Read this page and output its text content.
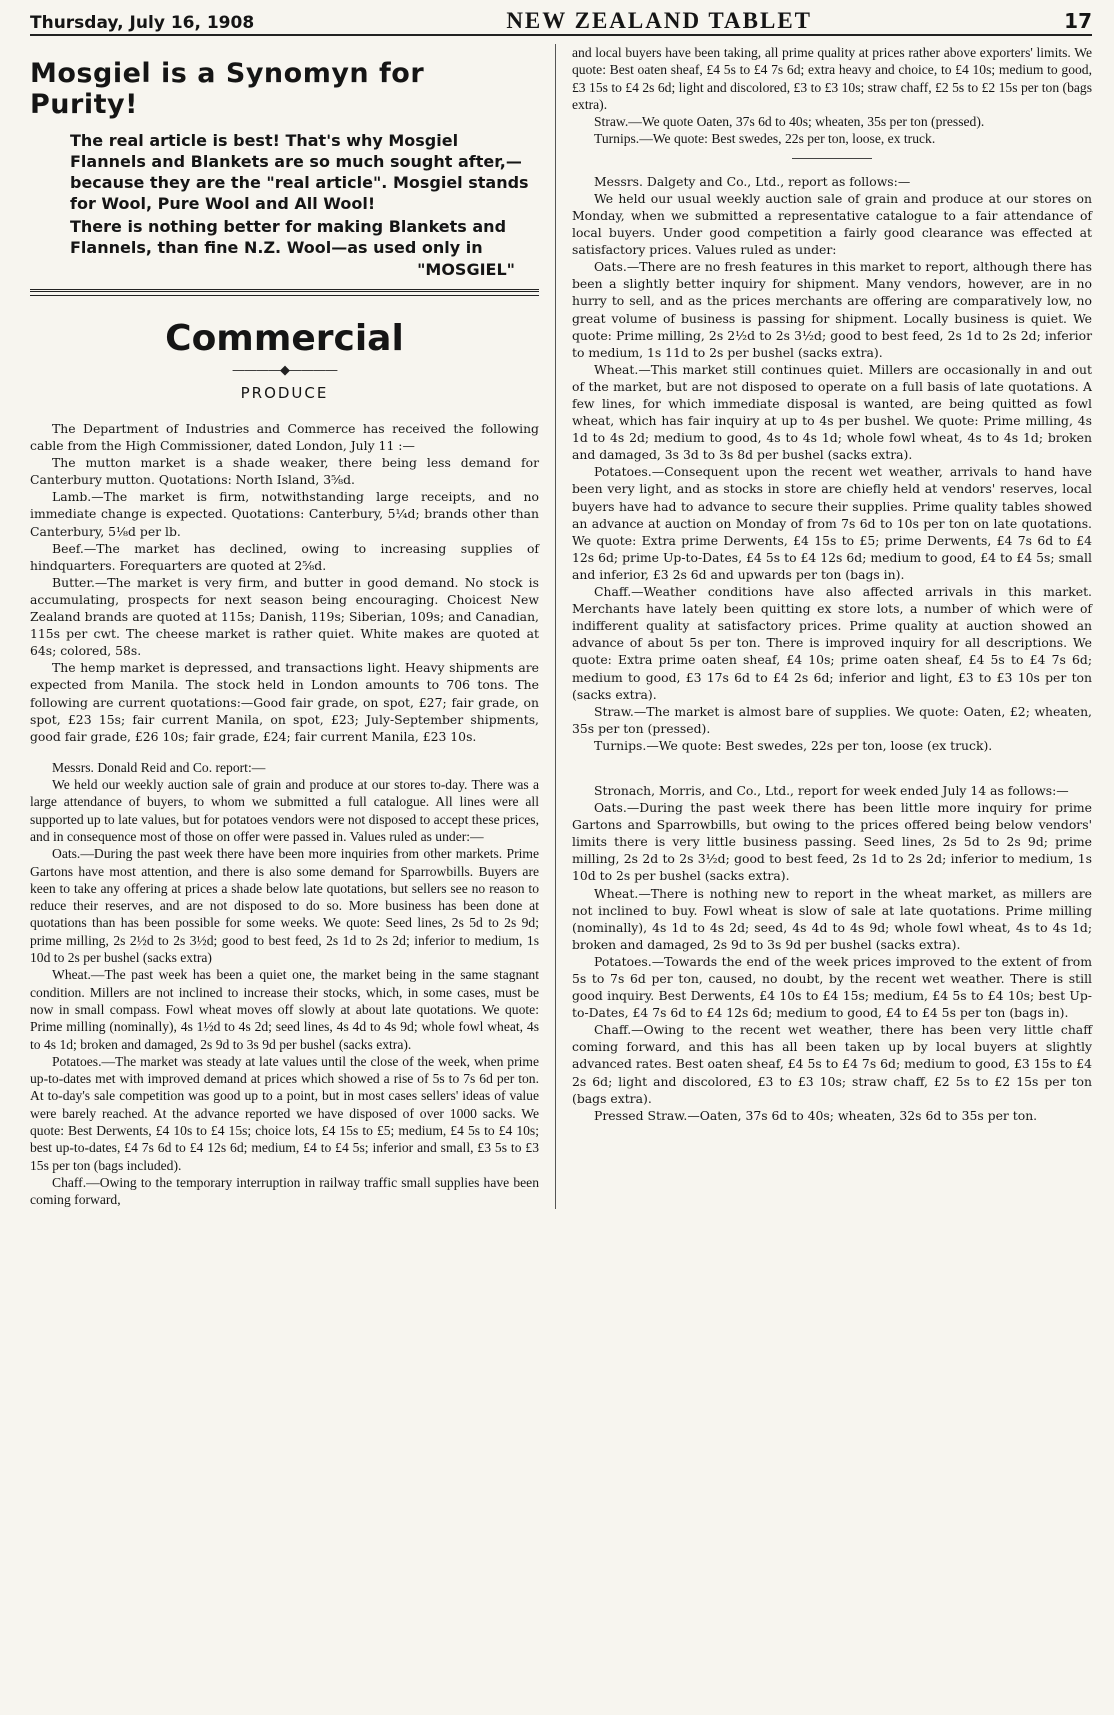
Thursday, July 16, 1908	NEW ZEALAND TABLET	17
Mosgiel is a Synomyn for Purity!
The real article is best! That's why Mosgiel Flannels and Blankets are so much sought after,—because they are the "real article". Mosgiel stands for Wool, Pure Wool and All Wool!
There is nothing better for making Blankets and Flannels, than fine N.Z. Wool—as used only in
"MOSGIEL"
Commercial
————◆————
PRODUCE

The Department of Industries and Commerce has received the following cable from the High Commissioner, dated London, July 11 :—

The mutton market is a shade weaker, there being less demand for Canterbury mutton. Quotations: North Island, 3⅝d.

Lamb.—The market is firm, notwithstanding large receipts, and no immediate change is expected. Quotations: Canterbury, 5¼d; brands other than Canterbury, 5⅛d per lb.

Beef.—The market has declined, owing to increasing supplies of hindquarters. Forequarters are quoted at 2⅝d.

Butter.—The market is very firm, and butter in good demand. No stock is accumulating, prospects for next season being encouraging. Choicest New Zealand brands are quoted at 115s; Danish, 119s; Siberian, 109s; and Canadian, 115s per cwt. The cheese market is rather quiet. White makes are quoted at 64s; colored, 58s.

The hemp market is depressed, and transactions light. Heavy shipments are expected from Manila. The stock held in London amounts to 706 tons. The following are current quotations:—Good fair grade, on spot, £27; fair grade, on spot, £23 15s; fair current Manila, on spot, £23; July-September shipments, good fair grade, £26 10s; fair grade, £24; fair current Manila, £23 10s.

Messrs. Donald Reid and Co. report:—

We held our weekly auction sale of grain and produce at our stores to-day. There was a large attendance of buyers, to whom we submitted a full catalogue. All lines were all supported up to late values, but for potatoes vendors were not disposed to accept these prices, and in consequence most of those on offer were passed in. Values ruled as under:—

Oats.—During the past week there have been more inquiries from other markets. Prime Gartons have most attention, and there is also some demand for Sparrowbills. Buyers are keen to take any offering at prices a shade below late quotations, but sellers see no reason to reduce their reserves, and are not disposed to do so. More business has been done at quotations than has been possible for some weeks. We quote: Seed lines, 2s 5d to 2s 9d; prime milling, 2s 2½d to 2s 3½d; good to best feed, 2s 1d to 2s 2d; inferior to medium, 1s 10d to 2s per bushel (sacks extra)

Wheat.—The past week has been a quiet one, the market being in the same stagnant condition. Millers are not inclined to increase their stocks, which, in some cases, must be now in small compass. Fowl wheat moves off slowly at about late quotations. We quote: Prime milling (nominally), 4s 1½d to 4s 2d; seed lines, 4s 4d to 4s 9d; whole fowl wheat, 4s to 4s 1d; broken and damaged, 2s 9d to 3s 9d per bushel (sacks extra).

Potatoes.—The market was steady at late values until the close of the week, when prime up-to-dates met with improved demand at prices which showed a rise of 5s to 7s 6d per ton. At to-day's sale competition was good up to a point, but in most cases sellers' ideas of value were barely reached. At the advance reported we have disposed of over 1000 sacks. We quote: Best Derwents, £4 10s to £4 15s; choice lots, £4 15s to £5; medium, £4 5s to £4 10s; best up-to-dates, £4 7s 6d to £4 12s 6d; medium, £4 to £4 5s; inferior and small, £3 5s to £3 15s per ton (bags included).

Chaff.—Owing to the temporary interruption in railway traffic small supplies have been coming forward,

and local buyers have been taking, all prime quality at prices rather above exporters' limits. We quote: Best oaten sheaf, £4 5s to £4 7s 6d; extra heavy and choice, to £4 10s; medium to good, £3 15s to £4 2s 6d; light and discolored, £3 to £3 10s; straw chaff, £2 5s to £2 15s per ton (bags extra).

Straw.—We quote Oaten, 37s 6d to 40s; wheaten, 35s per ton (pressed).

Turnips.—We quote: Best swedes, 22s per ton, loose, ex truck.

Messrs. Dalgety and Co., Ltd., report as follows:—

We held our usual weekly auction sale of grain and produce at our stores on Monday, when we submitted a representative catalogue to a fair attendance of local buyers. Under good competition a fairly good clearance was effected at satisfactory prices. Values ruled as under:

Oats.—There are no fresh features in this market to report, although there has been a slightly better inquiry for shipment. Many vendors, however, are in no hurry to sell, and as the prices merchants are offering are comparatively low, no great volume of business is passing for shipment. Locally business is quiet. We quote: Prime milling, 2s 2½d to 2s 3½d; good to best feed, 2s 1d to 2s 2d; inferior to medium, 1s 11d to 2s per bushel (sacks extra).

Wheat.—This market still continues quiet. Millers are occasionally in and out of the market, but are not disposed to operate on a full basis of late quotations. A few lines, for which immediate disposal is wanted, are being quitted as fowl wheat, which has fair inquiry at up to 4s per bushel. We quote: Prime milling, 4s 1d to 4s 2d; medium to good, 4s to 4s 1d; whole fowl wheat, 4s to 4s 1d; broken and damaged, 3s 3d to 3s 8d per bushel (sacks extra).

Potatoes.—Consequent upon the recent wet weather, arrivals to hand have been very light, and as stocks in store are chiefly held at vendors' reserves, local buyers have had to advance to secure their supplies. Prime quality tables showed an advance at auction on Monday of from 7s 6d to 10s per ton on late quotations. We quote: Extra prime Derwents, £4 15s to £5; prime Derwents, £4 7s 6d to £4 12s 6d; prime Up-to-Dates, £4 5s to £4 12s 6d; medium to good, £4 to £4 5s; small and inferior, £3 2s 6d and upwards per ton (bags in).

Chaff.—Weather conditions have also affected arrivals in this market. Merchants have lately been quitting ex store lots, a number of which were of indifferent quality at satisfactory prices. Prime quality at auction showed an advance of about 5s per ton. There is improved inquiry for all descriptions. We quote: Extra prime oaten sheaf, £4 10s; prime oaten sheaf, £4 5s to £4 7s 6d; medium to good, £3 17s 6d to £4 2s 6d; inferior and light, £3 to £3 10s per ton (sacks extra).

Straw.—The market is almost bare of supplies. We quote: Oaten, £2; wheaten, 35s per ton (pressed).

Turnips.—We quote: Best swedes, 22s per ton, loose (ex truck).

Stronach, Morris, and Co., Ltd., report for week ended July 14 as follows:—

Oats.—During the past week there has been little more inquiry for prime Gartons and Sparrowbills, but owing to the prices offered being below vendors' limits there is very little business passing. Seed lines, 2s 5d to 2s 9d; prime milling, 2s 2d to 2s 3½d; good to best feed, 2s 1d to 2s 2d; inferior to medium, 1s 10d to 2s per bushel (sacks extra).

Wheat.—There is nothing new to report in the wheat market, as millers are not inclined to buy. Fowl wheat is slow of sale at late quotations. Prime milling (nominally), 4s 1d to 4s 2d; seed, 4s 4d to 4s 9d; whole fowl wheat, 4s to 4s 1d; broken and damaged, 2s 9d to 3s 9d per bushel (sacks extra).

Potatoes.—Towards the end of the week prices improved to the extent of from 5s to 7s 6d per ton, caused, no doubt, by the recent wet weather. There is still good inquiry. Best Derwents, £4 10s to £4 15s; medium, £4 5s to £4 10s; best Up-to-Dates, £4 7s 6d to £4 12s 6d; medium to good, £4 to £4 5s per ton (bags in).

Chaff.—Owing to the recent wet weather, there has been very little chaff coming forward, and this has all been taken up by local buyers at slightly advanced rates. Best oaten sheaf, £4 5s to £4 7s 6d; medium to good, £3 15s to £4 2s 6d; light and discolored, £3 to £3 10s; straw chaff, £2 5s to £2 15s per ton (bags extra).

Pressed Straw.—Oaten, 37s 6d to 40s; wheaten, 32s 6d to 35s per ton.
